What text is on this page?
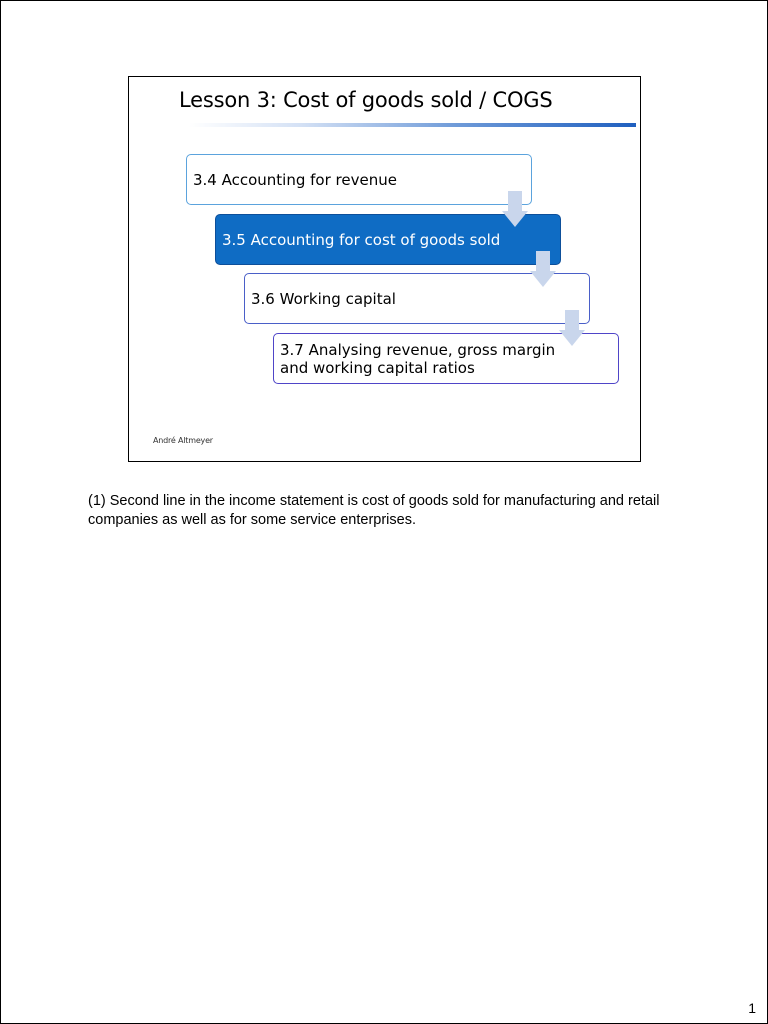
Lesson 3: Cost of goods sold / COGS
3.4 Accounting for revenue
3.5 Accounting for cost of goods sold
3.6 Working capital
3.7 Analysing revenue, gross margin
and working capital ratios
André Altmeyer
(1) Second line in the income statement is cost of goods sold for manufacturing and retail companies as well as for some service enterprises.
1
